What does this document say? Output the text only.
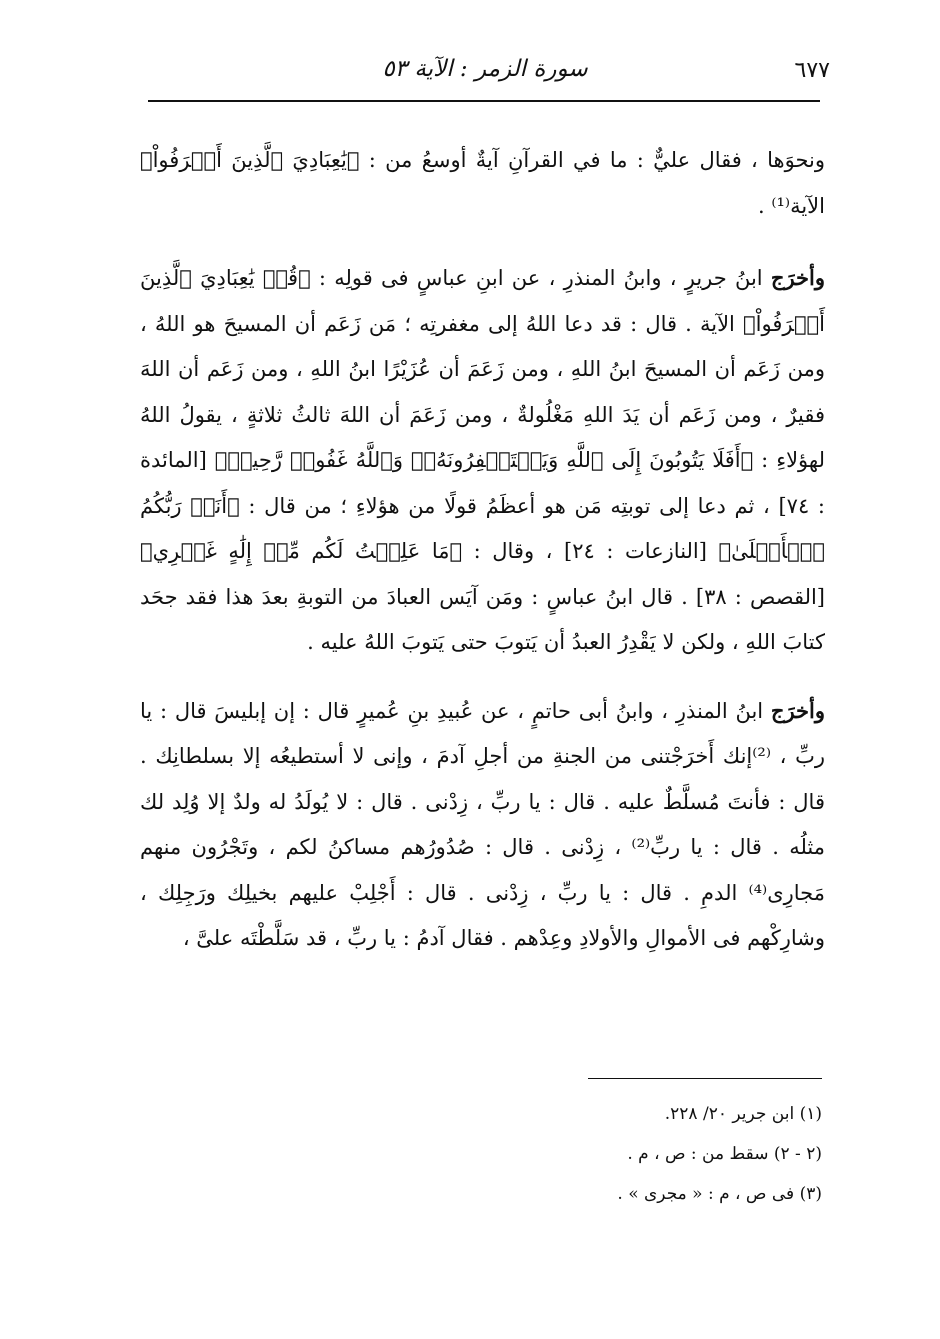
سورة الزمر : الآية ٥٣	٦٧٧

ونحوَها ، فقال عليٌّ : ما في القرآنِ آيةٌ أوسعُ من : ﴿يَٰعِبَادِيَ ٱلَّذِينَ أَسۡرَفُواْ﴾ الآية⁽¹⁾ .

وأخرَج ابنُ جريرٍ ، وابنُ المنذرِ ، عن ابنِ عباسٍ فى قولِه : ﴿قُلۡ يَٰعِبَادِيَ ٱلَّذِينَ أَسۡرَفُواْ﴾ الآية . قال : قد دعا اللهُ إلى مغفرتِه ؛ مَن زَعَم أن المسيحَ هو اللهُ ، ومن زَعَم أن المسيحَ ابنُ اللهِ ، ومن زَعَمَ أن عُزَيْرًا ابنُ اللهِ ، ومن زَعَم أن اللهَ فقيرٌ ، ومن زَعَم أن يَدَ اللهِ مَغْلُولةٌ ، ومن زَعَمَ أن اللهَ ثالثُ ثلاثةٍ ، يقولُ اللهُ لهؤلاءِ : ﴿أَفَلَا يَتُوبُونَ إِلَى ٱللَّهِ وَيَسۡتَغۡفِرُونَهُۥۚ وَٱللَّهُ غَفُورٞ رَّحِيمٞ﴾ [المائدة : ٧٤] ، ثم دعا إلى توبتِه مَن هو أعظَمُ قولًا من هؤلاءِ ؛ من قال : ﴿أَنَا۠ رَبُّكُمُ ٱلۡأَعۡلَىٰ﴾ [النازعات : ٢٤] ، وقال : ﴿مَا عَلِمۡتُ لَكُم مِّنۡ إِلَٰهٍ غَيۡرِي﴾ [القصص : ٣٨] . قال ابنُ عباسٍ : ومَن آيَس العبادَ من التوبةِ بعدَ هذا فقد جحَد كتابَ اللهِ ، ولكن لا يَقْدِرُ العبدُ أن يَتوبَ حتى يَتوبَ اللهُ عليه .

وأخرَج ابنُ المنذرِ ، وابنُ أبى حاتمٍ ، عن عُبيدِ بنِ عُميرٍ قال : إن إبليسَ قال : يا ربِّ ، ⁽²⁾إنك أَخرَجْتنى من الجنةِ من أجلِ آدمَ ، وإنى لا أستطيعُه إلا بسلطانِك . قال : فأنتَ مُسلَّطٌ عليه . قال : يا ربِّ ، زِدْنى . قال : لا يُولَدُ له ولدٌ إلا وُلِد لك مثلُه . قال : يا ربِّ⁽²⁾ ، زِدْنى . قال : صُدُورُهم مساكنُ لكم ، وتَجْرُون منهم مَجارِى⁽⁴⁾ الدمِ . قال : يا ربِّ ، زِدْنى . قال : أَجْلِبْ عليهم بخيلِك ورَجِلِك ، وشارِكْهم فى الأموالِ والأولادِ وعِدْهم . فقال آدمُ : يا ربِّ ، قد سَلَّطْتَه علىَّ ،

(١) ابن جرير ٢٠/ ٢٢٨.

(٢ - ٢) سقط من : ص ، م .

(٣) فى ص ، م : « مجرى » .
